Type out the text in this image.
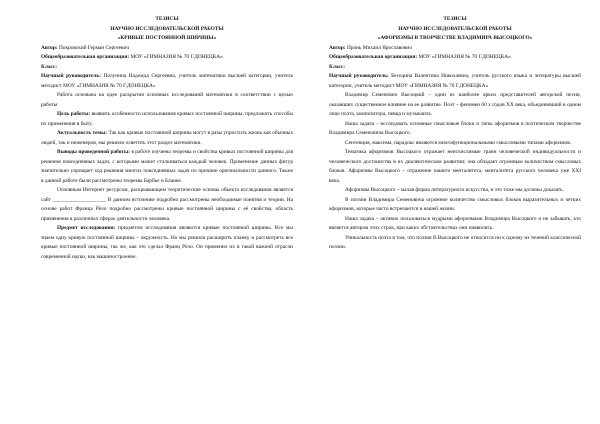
ТЕЗИСЫ

НАУЧНО ИССЛЕДОВАТЕЛЬСКОЙ РАБОТЫ

«КРИВЫЕ ПОСТОЯННОЙ ШИРИНЫ»

Автор: Покровский Герман Сергеевич

Общеобразовательная организация: МОУ «ГИМНАЗИЯ № 70 Г.ДОНЕЦКА»

Класс:

Научный руководитель: Полунина Надежда Сергеевна, учитель математики высшей категории, учитель методист МОУ «ГИМНАЗИЯ № 70 Г.ДОНЕЦКА»

Работа основана на идее раскрытия основных исследований математики в соответствии с целью работы

Цель работы: выявить особенности использования кривых постоянной ширины, предложить способы их применения в быту.

Актуальность темы: Так как кривые постоянной ширины могут в разы упростить жизнь как обычных людей, так и инженеров, мы решили осветить этот раздел математики.

Выводы проведенной работы: в работе изучены теоремы и свойства кривых постоянной ширины для решения повседневных задач, с которыми может сталкиваться каждый человек. Применение данных фигур значительно упрощает ход решения многих повседневных задач по причине оригинальности данного. Также в данной работе были рассмотрены теоремы Барбье и Бланке.

Основным Интернет ресурсом, раскрывающим теоретические основы объекта исследования является сайт ____________________ В данном источнике подробно рассмотрены необходимые понятия и теории. На основе работ Франца Рёло подробно рассмотрены кривые постоянной ширины с её свойства, область применения в различных сферах деятельности человека.

Предмет исследования: предметом исследования являются кривые постоянной ширины. Все мы знаем одну кривую постоянной ширины – окружность. Но мы решили расширить планку и рассмотреть все кривые постоянной ширины, так же, как это сделал Франц Рёло. Он применил их в такой важной отрасли современной науки, как машиностроение.

ТЕЗИСЫ

НАУЧНО ИССЛЕДОВАТЕЛЬСКОЙ РАБОТЫ

«АФОРИЗМЫ В ТВОРЧЕСТВЕ ВЛАДИМИРА ВЫСОЦКОГО»

Автор: Пронь Михаил Ярославович

Общеобразовательная организация: МОУ «ГИМНАЗИЯ № 70 Г.ДОНЕЦКА»

Класс:

Научный руководитель: Беседина Валентина Николаевна, учитель русского языка и литературы высшей категории, учитель методист МОУ «ГИМНАЗИЯ № 70 Г.ДОНЕЦКА»

Владимир Семенович Высоцкий – один из наиболее ярких представителей авторской песни, оказавших существенное влияние на ее развитие. Поэт – феномен 60 х годов XX века, объединивший в одном лице поэта, композитора, певца и музыканта.

Наша задача – исследовать основные смысловые блоки и типы афоризмов в поэтическом творчестве Владимира Семеновича Высоцкого.

Сентенция, максима, парадокс являются многофункциональными смысловыми типами афоризмов.

Тематика афоризмов Высоцкого отражает неисчислимые грани человеческой индивидуальности и человеческого достоинства в их диалектическом развитии; она обладает огромным количеством смысловых блоков. Афоризмы Высоцкого – отражение нашего менталитета, менталитета русского человека уже XXI века.

Афоризмы Высоцкого – малая форма литературного искусства, и это тоже мы должны доказать.

В поэзии Владимира Семеновича огромное количество смысловых блоков выразительных и четких афоризмов, которые часто встречаются в нашей жизни.

Наша задача – активно пользоваться мудрыми афоризмами Владимира Высоцкого и не забывать, кто является автором этих строк, при каких обстоятельствах они появились.

Уникальность поэта в том, что поэзия В.Высоцкого не относится ни к одному из течений классической поэзии.
